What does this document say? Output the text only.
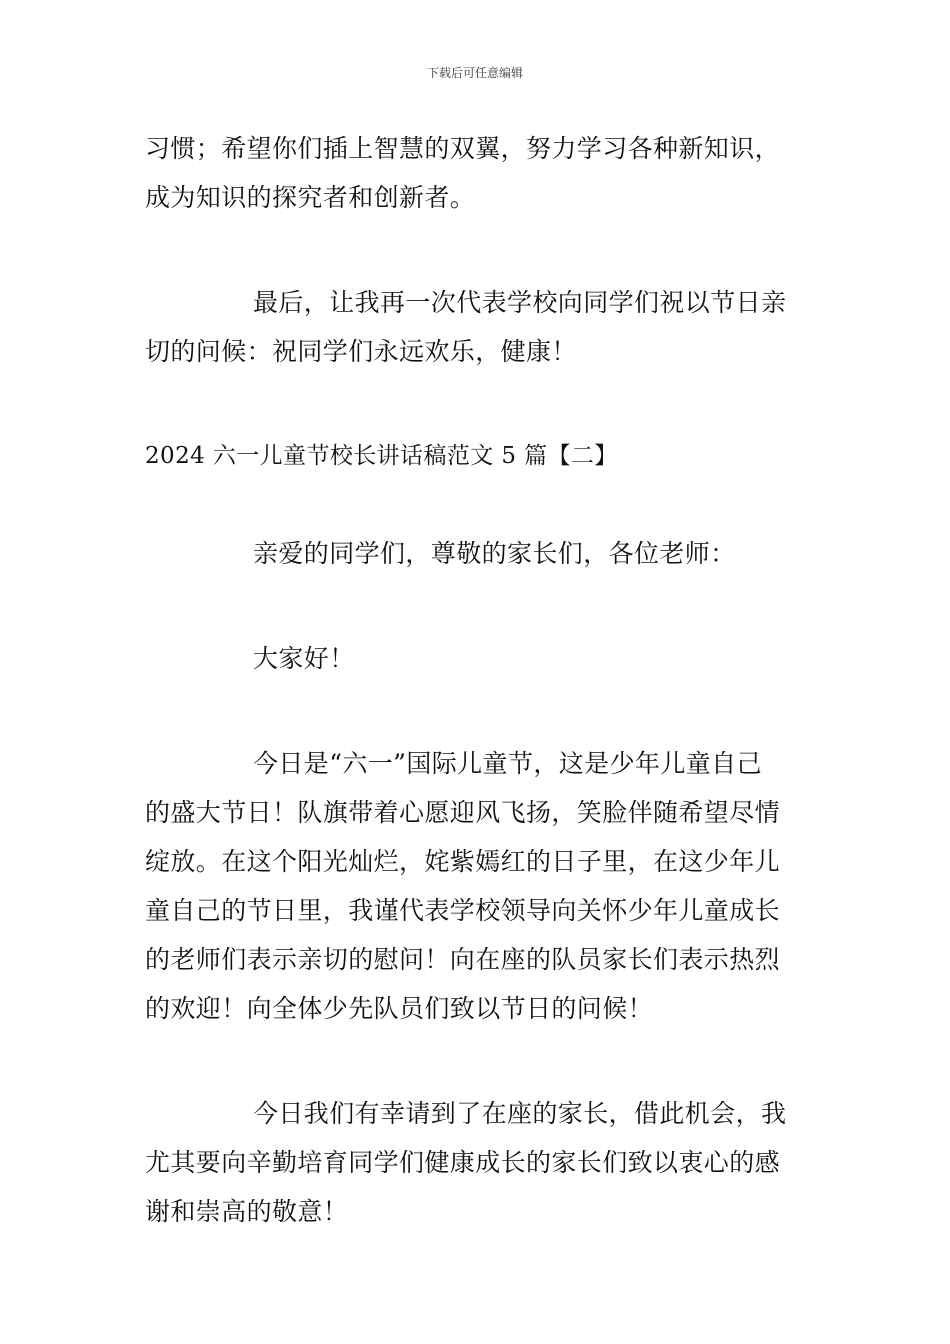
下载后可任意编辑

习惯；希望你们插上智慧的双翼，努力学习各种新知识，
成为知识的探究者和创新者。

最后，让我再一次代表学校向同学们祝以节日亲
切的问候：祝同学们永远欢乐，健康！

2024 六一儿童节校长讲话稿范文 5 篇【二】

亲爱的同学们，尊敬的家长们，各位老师：

大家好！

今日是“六一”国际儿童节，这是少年儿童自己
的盛大节日！队旗带着心愿迎风飞扬，笑脸伴随希望尽情
绽放。在这个阳光灿烂，姹紫嫣红的日子里，在这少年儿
童自己的节日里，我谨代表学校领导向关怀少年儿童成长
的老师们表示亲切的慰问！向在座的队员家长们表示热烈
的欢迎！向全体少先队员们致以节日的问候！

今日我们有幸请到了在座的家长，借此机会，我
尤其要向辛勤培育同学们健康成长的家长们致以衷心的感
谢和崇高的敬意！
